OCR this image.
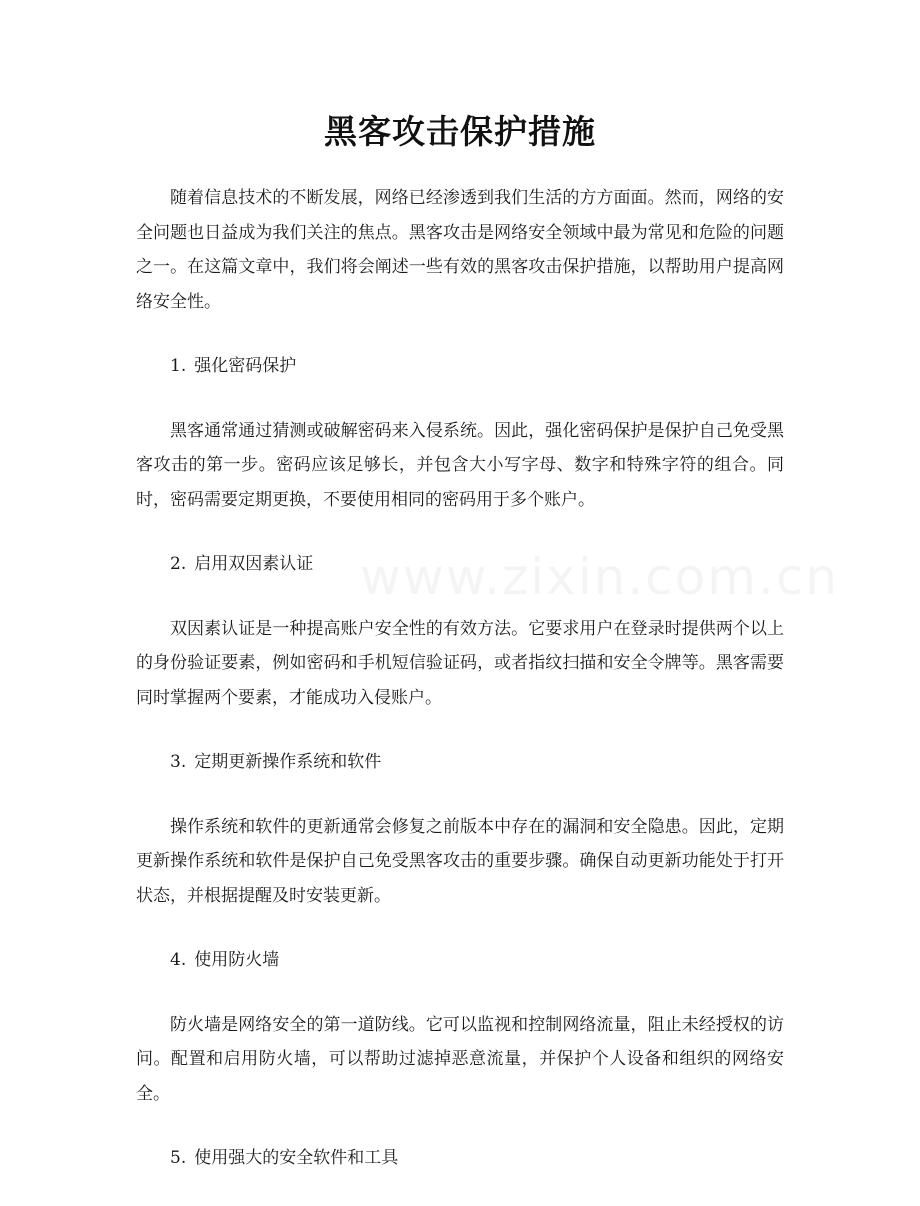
黑客攻击保护措施

随着信息技术的不断发展，网络已经渗透到我们生活的方方面面。然而，网络的安全问题也日益成为我们关注的焦点。黑客攻击是网络安全领域中最为常见和危险的问题之一。在这篇文章中，我们将会阐述一些有效的黑客攻击保护措施，以帮助用户提高网络安全性。

1. 强化密码保护

黑客通常通过猜测或破解密码来入侵系统。因此，强化密码保护是保护自己免受黑客攻击的第一步。密码应该足够长，并包含大小写字母、数字和特殊字符的组合。同时，密码需要定期更换，不要使用相同的密码用于多个账户。

2. 启用双因素认证

双因素认证是一种提高账户安全性的有效方法。它要求用户在登录时提供两个以上的身份验证要素，例如密码和手机短信验证码，或者指纹扫描和安全令牌等。黑客需要同时掌握两个要素，才能成功入侵账户。

3. 定期更新操作系统和软件

操作系统和软件的更新通常会修复之前版本中存在的漏洞和安全隐患。因此，定期更新操作系统和软件是保护自己免受黑客攻击的重要步骤。确保自动更新功能处于打开状态，并根据提醒及时安装更新。

4. 使用防火墙

防火墙是网络安全的第一道防线。它可以监视和控制网络流量，阻止未经授权的访问。配置和启用防火墙，可以帮助过滤掉恶意流量，并保护个人设备和组织的网络安全。

5. 使用强大的安全软件和工具
